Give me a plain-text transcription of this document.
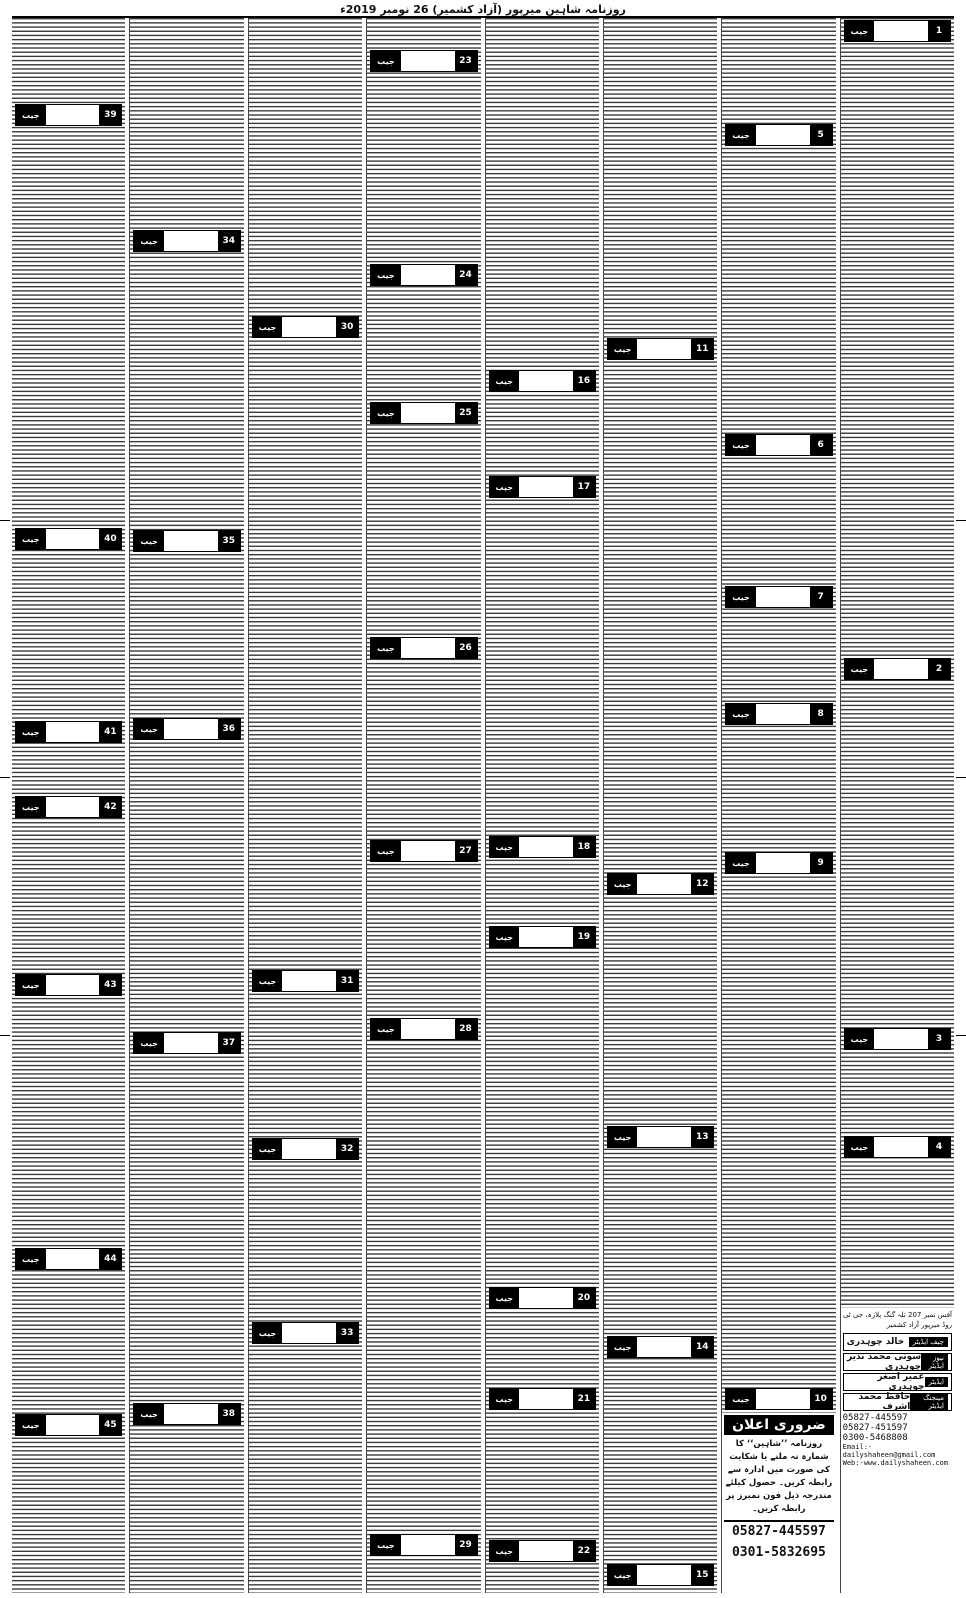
روزنامہ شاہین میرپور (آزاد کشمیر) 26 نومبر 2019ء
1
جیب
2
جیب
3
جیب
4
جیب
آفس نمبر 207 تلہ گنگ پلازہ، جی ٹی روڈ میرپور آزاد کشمیر
چیف ایڈیٹر
خالد چوہدری
نیوز ایڈیٹر
سونی محمد نذیر چوہدری
ایڈیٹر
عمیر اصغر چوہدری
مینجنگ ایڈیٹر
حافظ محمد اشرف
05827-445597
05827-451597
0300-5468808
Email:-dailyshaheen@gmail.com
Web:-www.dailyshaheen.com
5
جیب
6
جیب
7
جیب
8
جیب
9
جیب
10
جیب
ضروری اعلان
روزنامہ ’’شاہین‘‘ کا شمارہ نہ ملنے یا شکایت کی صورت میں ادارہ سے رابطہ کریں۔ حصول کیلئے مندرجہ ذیل فون نمبرز پر رابطہ کریں۔
05827-445597
0301-5832695
11
جیب
12
جیب
13
جیب
14
جیب
15
جیب
16
جیب
17
جیب
18
جیب
19
جیب
20
جیب
21
جیب
22
جیب
23
جیب
24
جیب
25
جیب
26
جیب
27
جیب
28
جیب
29
جیب
30
جیب
31
جیب
32
جیب
33
جیب
34
جیب
35
جیب
36
جیب
37
جیب
38
جیب
39
جیب
40
جیب
41
جیب
42
جیب
43
جیب
44
جیب
45
جیب
